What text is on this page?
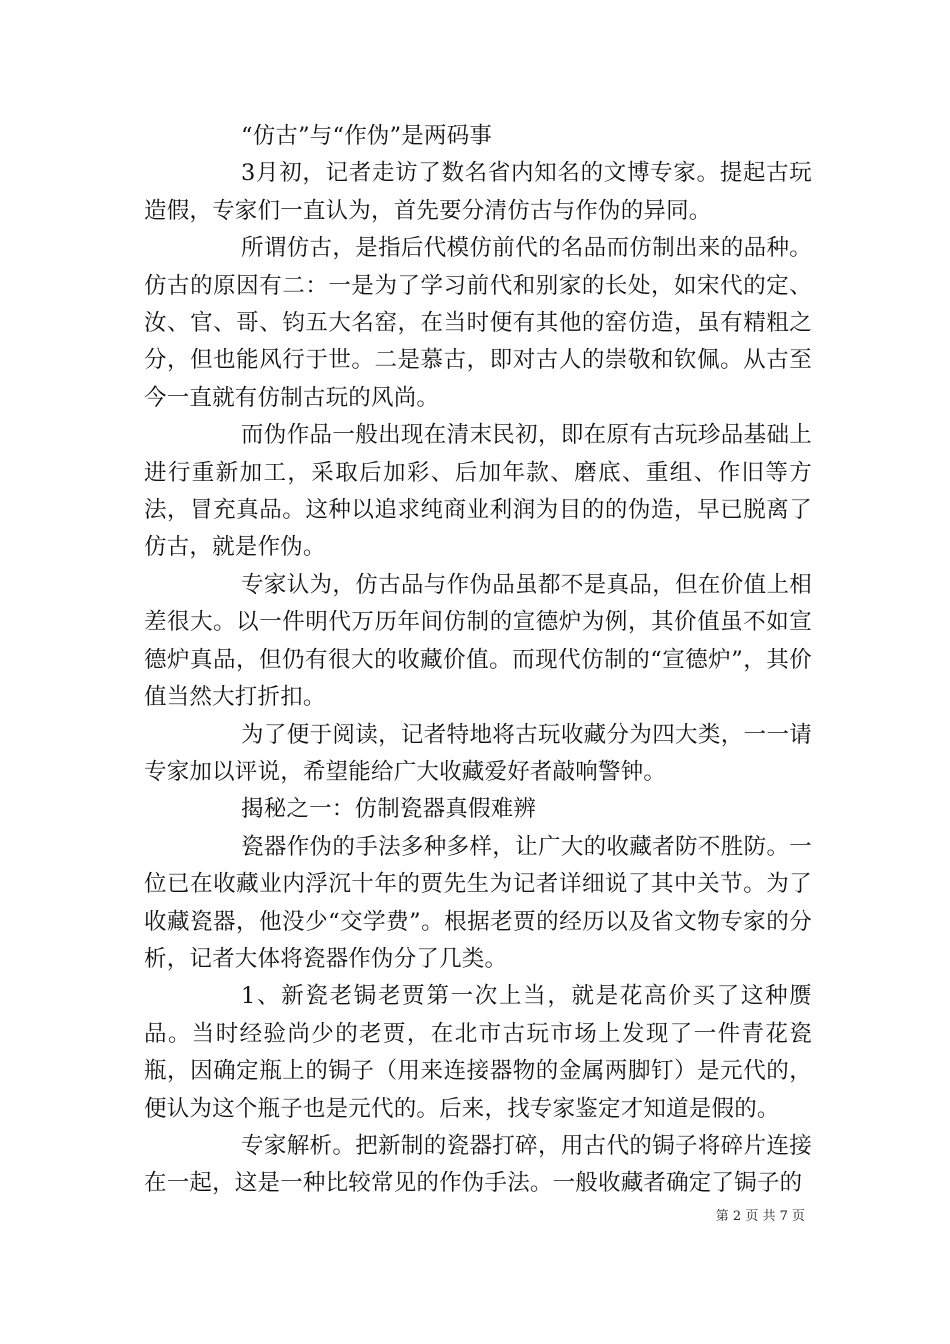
“仿古”与“作伪”是两码事

3月初，记者走访了数名省内知名的文博专家。提起古玩造假，专家们一直认为，首先要分清仿古与作伪的异同。

所谓仿古，是指后代模仿前代的名品而仿制出来的品种。仿古的原因有二：一是为了学习前代和别家的长处，如宋代的定、汝、官、哥、钧五大名窑，在当时便有其他的窑仿造，虽有精粗之分，但也能风行于世。二是慕古，即对古人的崇敬和钦佩。从古至今一直就有仿制古玩的风尚。

而伪作品一般出现在清末民初，即在原有古玩珍品基础上进行重新加工，采取后加彩、后加年款、磨底、重组、作旧等方法，冒充真品。这种以追求纯商业利润为目的的伪造，早已脱离了仿古，就是作伪。

专家认为，仿古品与作伪品虽都不是真品，但在价值上相差很大。以一件明代万历年间仿制的宣德炉为例，其价值虽不如宣德炉真品，但仍有很大的收藏价值。而现代仿制的“宣德炉”，其价值当然大打折扣。

为了便于阅读，记者特地将古玩收藏分为四大类，一一请专家加以评说，希望能给广大收藏爱好者敲响警钟。

揭秘之一：仿制瓷器真假难辨

瓷器作伪的手法多种多样，让广大的收藏者防不胜防。一位已在收藏业内浮沉十年的贾先生为记者详细说了其中关节。为了收藏瓷器，他没少“交学费”。根据老贾的经历以及省文物专家的分析，记者大体将瓷器作伪分了几类。

1、新瓷老锔老贾第一次上当，就是花高价买了这种赝品。当时经验尚少的老贾，在北市古玩市场上发现了一件青花瓷瓶，因确定瓶上的锔子（用来连接器物的金属两脚钉）是元代的，便认为这个瓶子也是元代的。后来，找专家鉴定才知道是假的。

专家解析。把新制的瓷器打碎，用古代的锔子将碎片连接在一起，这是一种比较常见的作伪手法。一般收藏者确定了锔子的

第 2 页 共 7 页
